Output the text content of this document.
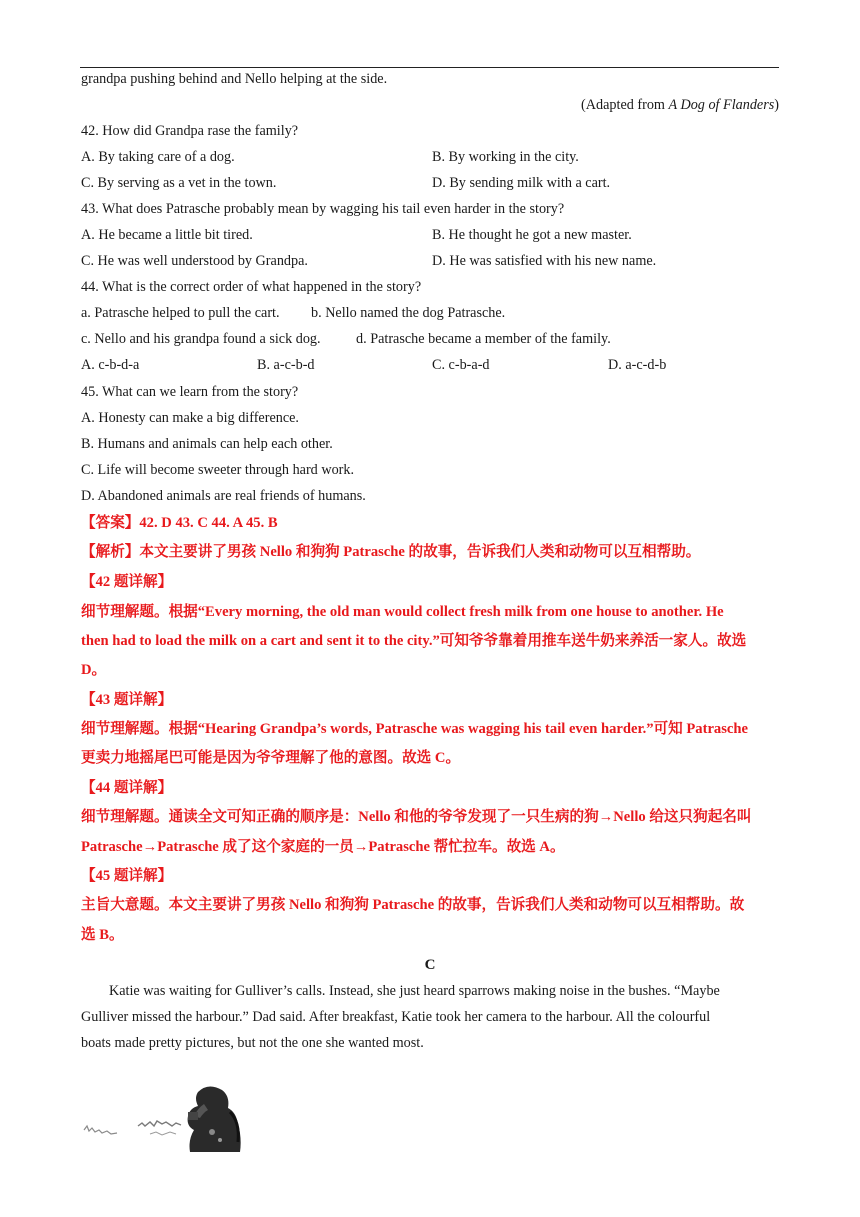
grandpa pushing behind and Nello helping at the side.
(Adapted from A Dog of Flanders)
42. How did Grandpa rase the family?
A. By taking care of a dog.	B. By working in the city.
C. By serving as a vet in the town.	D. By sending milk with a cart.
43. What does Patrasche probably mean by wagging his tail even harder in the story?
A. He became a little bit tired.	B. He thought he got a new master.
C. He was well understood by Grandpa.	D. He was satisfied with his new name.
44. What is the correct order of what happened in the story?
a. Patrasche helped to pull the cart. b. Nello named the dog Patrasche.
c. Nello and his grandpa found a sick dog. d. Patrasche became a member of the family.
A. c-b-d-a	B. a-c-b-d	C. c-b-a-d	D. a-c-d-b
45. What can we learn from the story?
A. Honesty can make a big difference.
B. Humans and animals can help each other.
C. Life will become sweeter through hard work.
D. Abandoned animals are real friends of humans.
【答案】42. D 43. C 44. A 45. B
【解析】本文主要讲了男孩 Nello 和狗狗 Patrasche 的故事，告诉我们人类和动物可以互相帮助。
【42 题详解】
细节理解题。根据“Every morning, the old man would collect fresh milk from one house to another. He
then had to load the milk on a cart and sent it to the city.”可知爷爷靠着用推车送牛奶来养活一家人。故选
D。
【43 题详解】
细节理解题。根据“Hearing Grandpa’s words, Patrasche was wagging his tail even harder.”可知 Patrasche
更卖力地摇尾巴可能是因为爷爷理解了他的意图。故选 C。
【44 题详解】
细节理解题。通读全文可知正确的顺序是：Nello 和他的爷爷发现了一只生病的狗→Nello 给这只狗起名叫
Patrasche→Patrasche 成了这个家庭的一员→Patrasche 帮忙拉车。故选 A。
【45 题详解】
主旨大意题。本文主要讲了男孩 Nello 和狗狗 Patrasche 的故事，告诉我们人类和动物可以互相帮助。故
选 B。
C
Katie was waiting for Gulliver’s calls. Instead, she just heard sparrows making noise in the bushes. “Maybe
Gulliver missed the harbour.” Dad said. After breakfast, Katie took her camera to the harbour. All the colourful
boats made pretty pictures, but not the one she wanted most.
